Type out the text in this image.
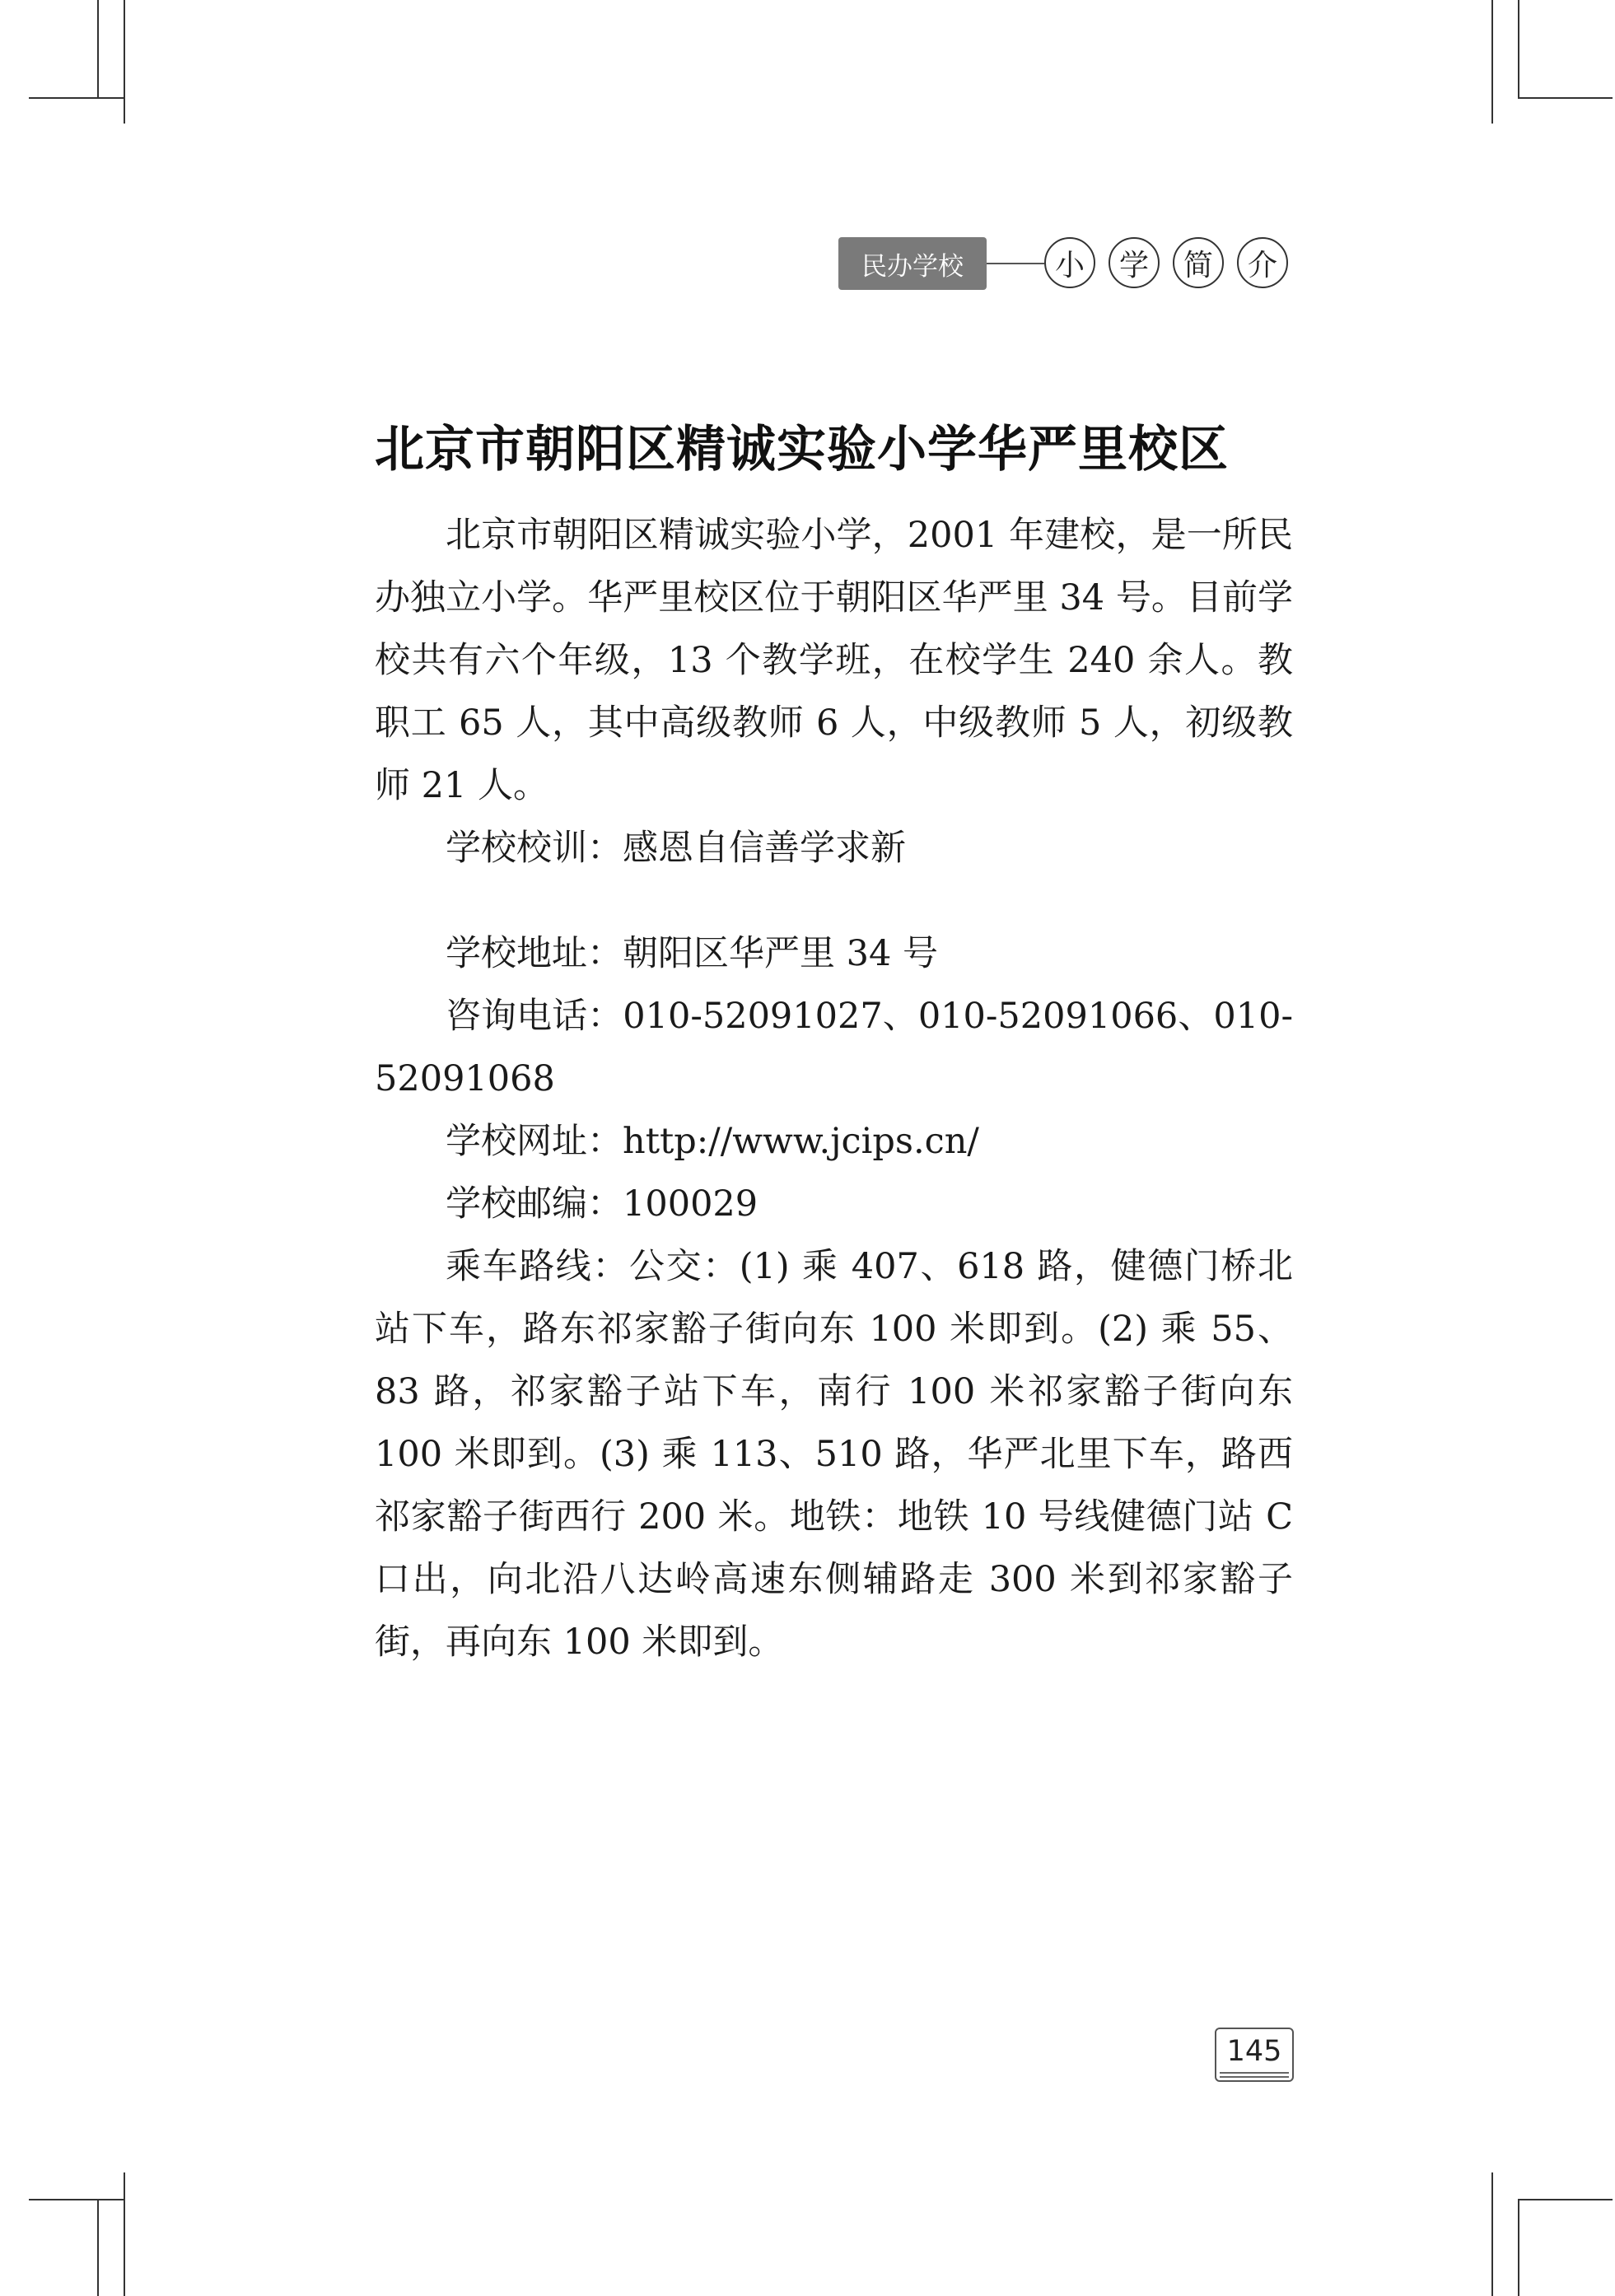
民办学校	小	学	简	介
北京市朝阳区精诚实验小学华严里校区

北京市朝阳区精诚实验小学，2001 年建校，是一所民办独立小学。华严里校区位于朝阳区华严里 34 号。目前学校共有六个年级，13 个教学班，在校学生 240 余人。教职工 65 人，其中高级教师 6 人，中级教师 5 人，初级教师 21 人。

学校校训：感恩自信善学求新

学校地址：朝阳区华严里 34 号

咨询电话：010-52091027、010-52091066、010-52091068

学校网址：http://www.jcips.cn/

学校邮编：100029

乘车路线：公交：(1) 乘 407、618 路，健德门桥北站下车，路东祁家豁子街向东 100 米即到。(2) 乘 55、83 路，祁家豁子站下车，南行 100 米祁家豁子街向东 100 米即到。(3) 乘 113、510 路，华严北里下车，路西祁家豁子街西行 200 米。地铁：地铁 10 号线健德门站 C 口出，向北沿八达岭高速东侧辅路走 300 米到祁家豁子街，再向东 100 米即到。

145
